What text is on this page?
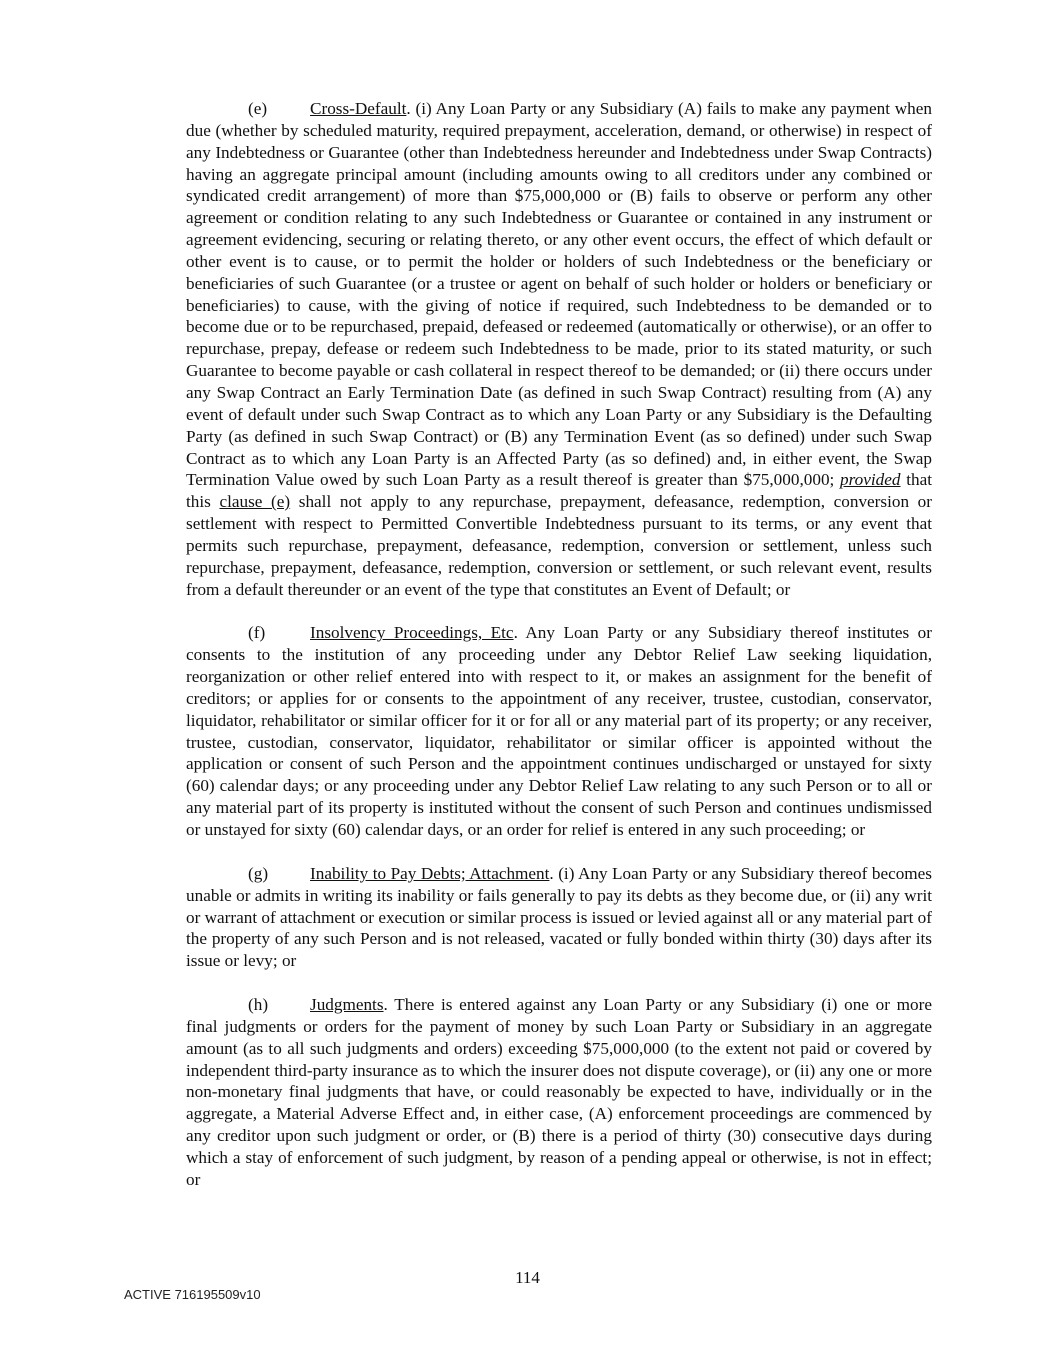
(e) Cross-Default. (i) Any Loan Party or any Subsidiary (A) fails to make any payment when due (whether by scheduled maturity, required prepayment, acceleration, demand, or otherwise) in respect of any Indebtedness or Guarantee (other than Indebtedness hereunder and Indebtedness under Swap Contracts) having an aggregate principal amount (including amounts owing to all creditors under any combined or syndicated credit arrangement) of more than $75,000,000 or (B) fails to observe or perform any other agreement or condition relating to any such Indebtedness or Guarantee or contained in any instrument or agreement evidencing, securing or relating thereto, or any other event occurs, the effect of which default or other event is to cause, or to permit the holder or holders of such Indebtedness or the beneficiary or beneficiaries of such Guarantee (or a trustee or agent on behalf of such holder or holders or beneficiary or beneficiaries) to cause, with the giving of notice if required, such Indebtedness to be demanded or to become due or to be repurchased, prepaid, defeased or redeemed (automatically or otherwise), or an offer to repurchase, prepay, defease or redeem such Indebtedness to be made, prior to its stated maturity, or such Guarantee to become payable or cash collateral in respect thereof to be demanded; or (ii) there occurs under any Swap Contract an Early Termination Date (as defined in such Swap Contract) resulting from (A) any event of default under such Swap Contract as to which any Loan Party or any Subsidiary is the Defaulting Party (as defined in such Swap Contract) or (B) any Termination Event (as so defined) under such Swap Contract as to which any Loan Party is an Affected Party (as so defined) and, in either event, the Swap Termination Value owed by such Loan Party as a result thereof is greater than $75,000,000; provided that this clause (e) shall not apply to any repurchase, prepayment, defeasance, redemption, conversion or settlement with respect to Permitted Convertible Indebtedness pursuant to its terms, or any event that permits such repurchase, prepayment, defeasance, redemption, conversion or settlement, unless such repurchase, prepayment, defeasance, redemption, conversion or settlement, or such relevant event, results from a default thereunder or an event of the type that constitutes an Event of Default; or

(f)	Insolvency Proceedings, Etc. Any Loan Party or any Subsidiary thereof institutes or consents to the institution of any proceeding under any Debtor Relief Law seeking liquidation, reorganization or other relief entered into with respect to it, or makes an assignment for the benefit of creditors; or applies for or consents to the appointment of any receiver, trustee, custodian, conservator, liquidator, rehabilitator or similar officer for it or for all or any material part of its property; or any receiver, trustee, custodian, conservator, liquidator, rehabilitator or similar officer is appointed without the application or consent of such Person and the appointment continues undischarged or unstayed for sixty (60) calendar days; or any proceeding under any Debtor Relief Law relating to any such Person or to all or any material part of its property is instituted without the consent of such Person and continues undismissed or unstayed for sixty (60) calendar days, or an order for relief is entered in any such proceeding; or

(g) Inability to Pay Debts; Attachment. (i) Any Loan Party or any Subsidiary thereof becomes unable or admits in writing its inability or fails generally to pay its debts as they become due, or (ii) any writ or warrant of attachment or execution or similar process is issued or levied against all or any material part of the property of any such Person and is not released, vacated or fully bonded within thirty (30) days after its issue or levy; or

(h) Judgments. There is entered against any Loan Party or any Subsidiary (i) one or more final judgments or orders for the payment of money by such Loan Party or Subsidiary in an aggregate amount (as to all such judgments and orders) exceeding $75,000,000 (to the extent not paid or covered by independent third-party insurance as to which the insurer does not dispute coverage), or (ii) any one or more non-monetary final judgments that have, or could reasonably be expected to have, individually or in the aggregate, a Material Adverse Effect and, in either case, (A) enforcement proceedings are commenced by any creditor upon such judgment or order, or (B) there is a period of thirty (30) consecutive days during which a stay of enforcement of such judgment, by reason of a pending appeal or otherwise, is not in effect; or

114
ACTIVE 716195509v10
